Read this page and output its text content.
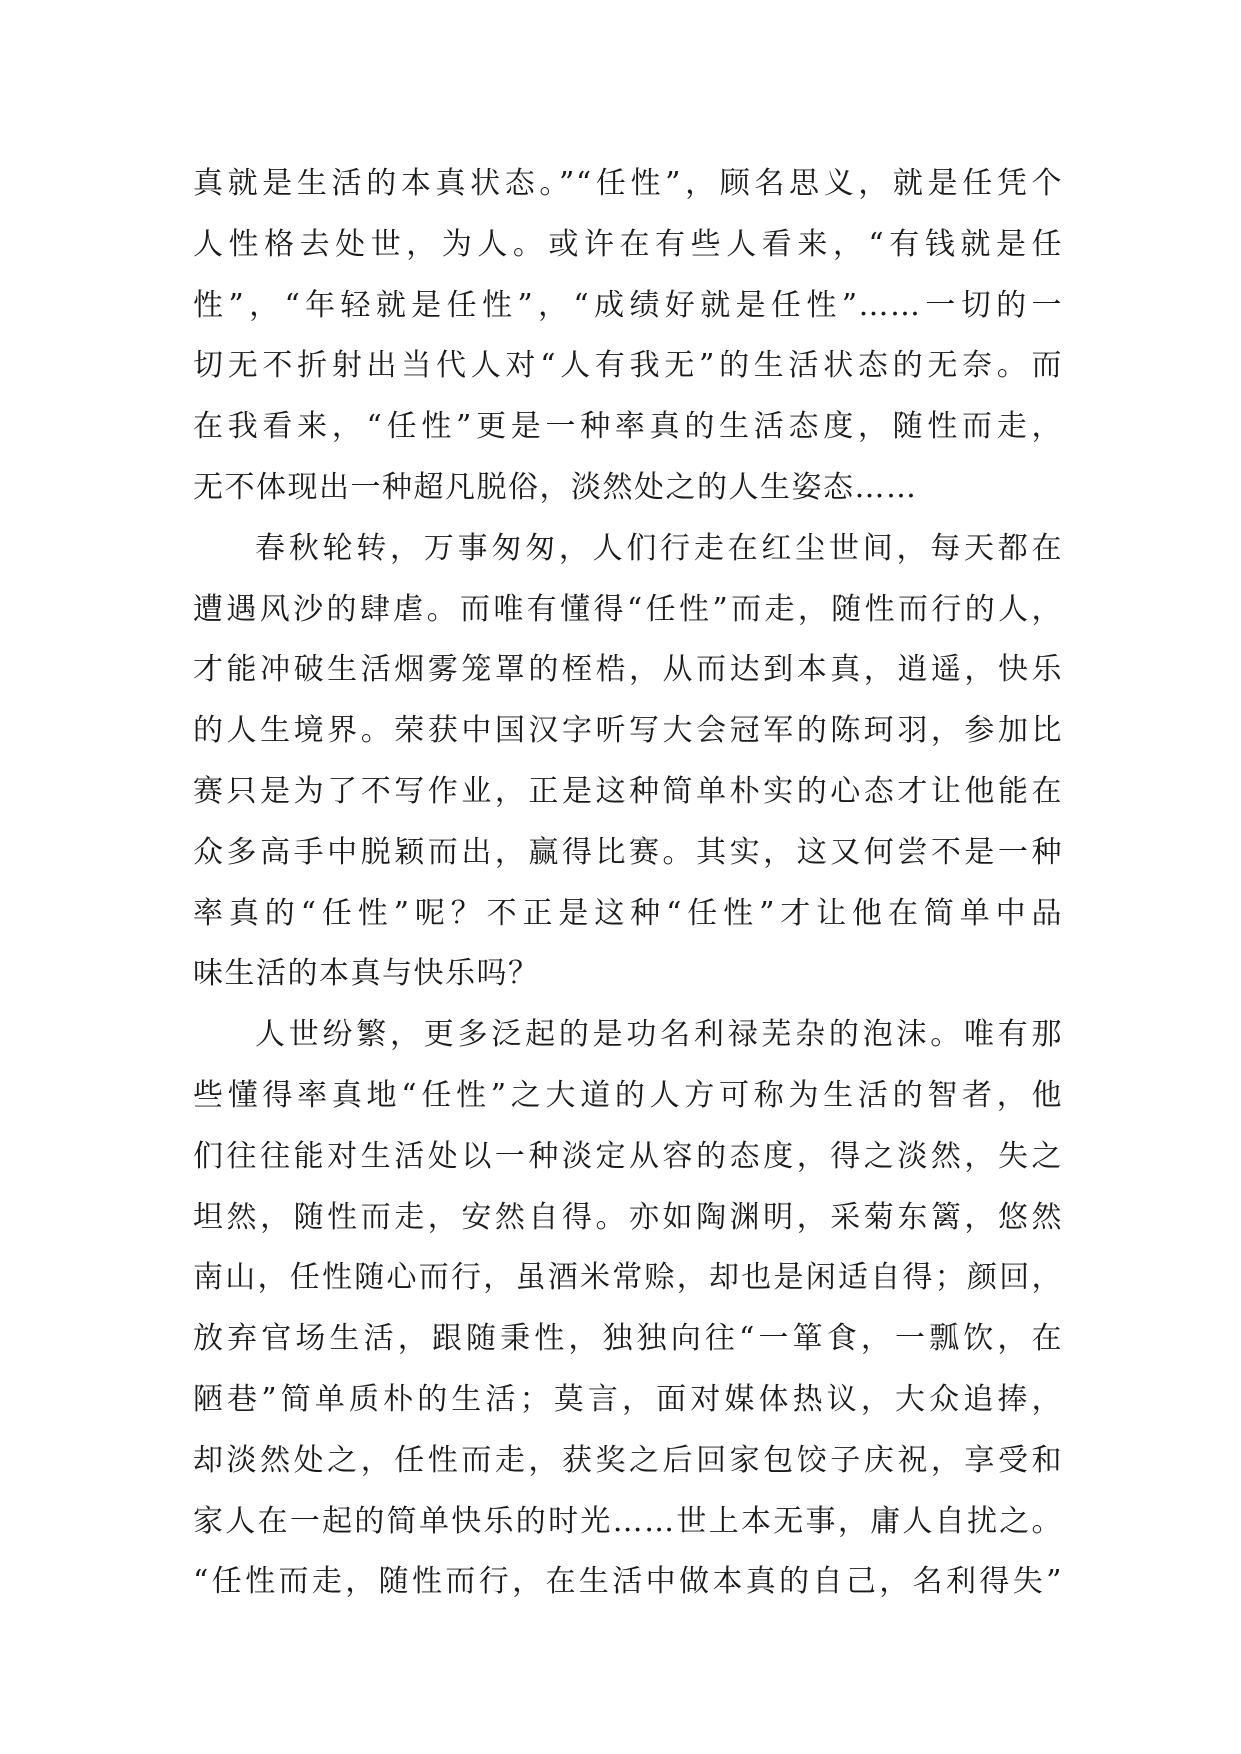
真就是生活的本真状态。”“任性”，顾名思义，就是任凭个
人性格去处世，为人。或许在有些人看来，“有钱就是任
性”，“年轻就是任性”，“成绩好就是任性”……一切的一
切无不折射出当代人对“人有我无”的生活状态的无奈。而
在我看来，“任性”更是一种率真的生活态度，随性而走，
无不体现出一种超凡脱俗，淡然处之的人生姿态……
春秋轮转，万事匆匆，人们行走在红尘世间，每天都在
遭遇风沙的肆虐。而唯有懂得“任性”而走，随性而行的人，
才能冲破生活烟雾笼罩的桎梏，从而达到本真，逍遥，快乐
的人生境界。荣获中国汉字听写大会冠军的陈珂羽，参加比
赛只是为了不写作业，正是这种简单朴实的心态才让他能在
众多高手中脱颖而出，赢得比赛。其实，这又何尝不是一种
率真的“任性”呢？不正是这种“任性”才让他在简单中品
味生活的本真与快乐吗？
人世纷繁，更多泛起的是功名利禄芜杂的泡沫。唯有那
些懂得率真地“任性”之大道的人方可称为生活的智者，他
们往往能对生活处以一种淡定从容的态度，得之淡然，失之
坦然，随性而走，安然自得。亦如陶渊明，采菊东篱，悠然
南山，任性随心而行，虽酒米常赊，却也是闲适自得；颜回，
放弃官场生活，跟随秉性，独独向往“一箪食，一瓢饮，在
陋巷”简单质朴的生活；莫言，面对媒体热议，大众追捧，
却淡然处之，任性而走，获奖之后回家包饺子庆祝，享受和
家人在一起的简单快乐的时光……世上本无事，庸人自扰之。
“任性而走，随性而行，在生活中做本真的自己，名利得失”
